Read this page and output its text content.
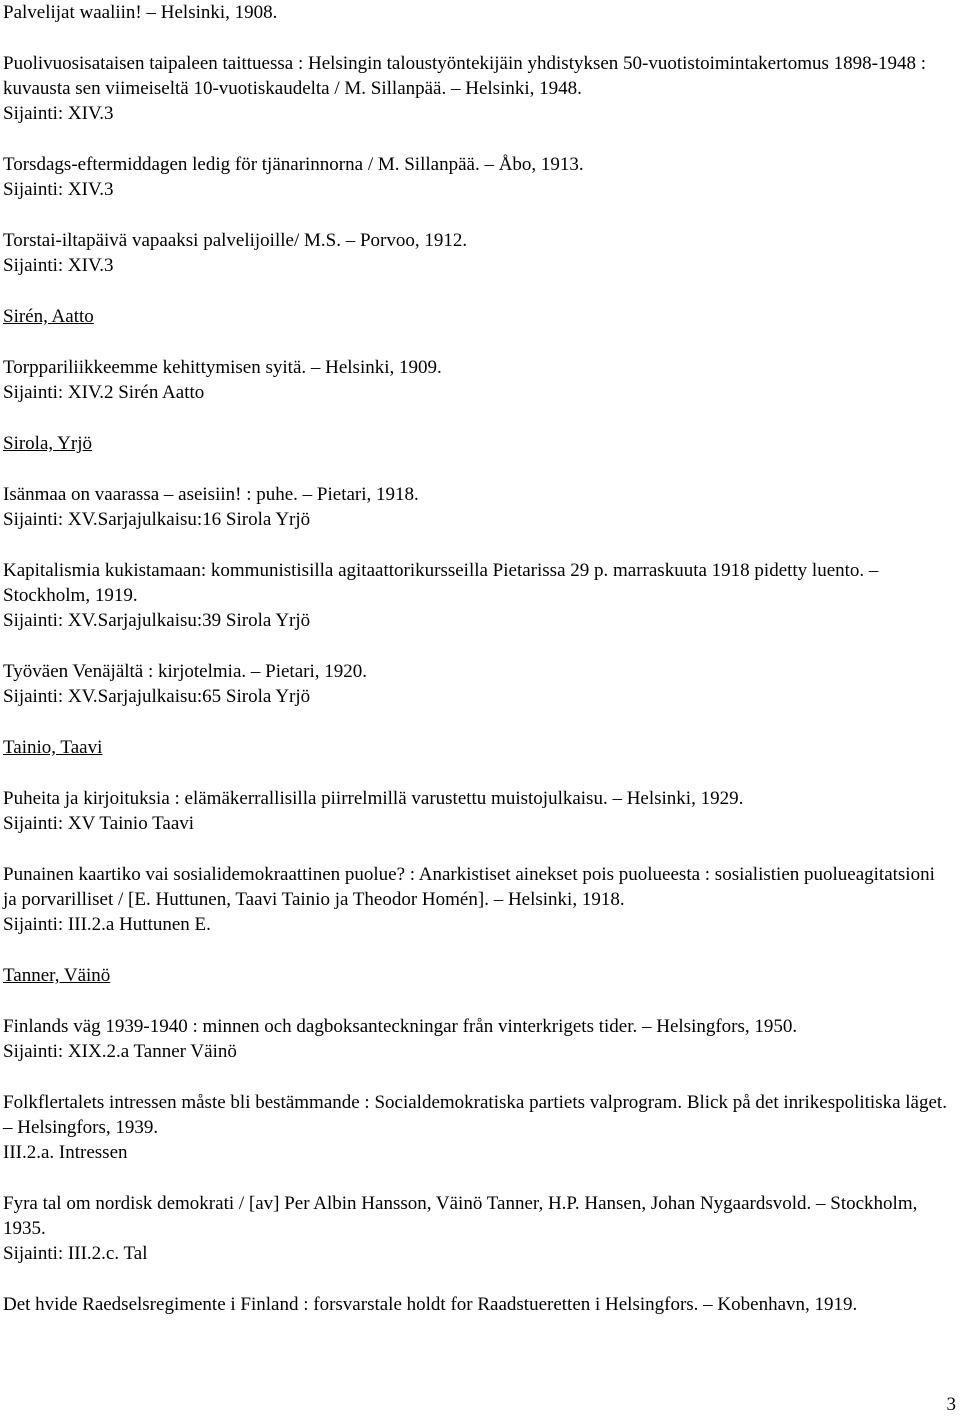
Palvelijat waaliin! – Helsinki, 1908.

Puolivuosisataisen taipaleen taittuessa : Helsingin taloustyöntekijäin yhdistyksen 50-vuotistoimintakertomus 1898-1948 : kuvausta sen viimeiseltä 10-vuotiskaudelta / M. Sillanpää. – Helsinki, 1948.

Sijainti: XIV.3

Torsdags-eftermiddagen ledig för tjänarinnorna / M. Sillanpää. – Åbo, 1913.

Sijainti: XIV.3

Torstai-iltapäivä vapaaksi palvelijoille/ M.S. – Porvoo, 1912.

Sijainti: XIV.3

Sirén, Aatto

Torppariliikkeemme kehittymisen syitä. – Helsinki, 1909.

Sijainti: XIV.2 Sirén Aatto

Sirola, Yrjö

Isänmaa on vaarassa – aseisiin! : puhe. – Pietari, 1918.

Sijainti: XV.Sarjajulkaisu:16 Sirola Yrjö

Kapitalismia kukistamaan: kommunistisilla agitaattorikursseilla Pietarissa 29 p. marraskuuta 1918 pidetty luento. – Stockholm, 1919.

Sijainti: XV.Sarjajulkaisu:39 Sirola Yrjö

Työväen Venäjältä : kirjotelmia. – Pietari, 1920.

Sijainti: XV.Sarjajulkaisu:65 Sirola Yrjö

Tainio, Taavi

Puheita ja kirjoituksia : elämäkerrallisilla piirrelmillä varustettu muistojulkaisu. – Helsinki, 1929.

Sijainti: XV Tainio Taavi

Punainen kaartiko vai sosialidemokraattinen puolue? : Anarkistiset ainekset pois puolueesta : sosialistien puolueagitatsioni ja porvarilliset / [E. Huttunen, Taavi Tainio ja Theodor Homén]. – Helsinki, 1918.

Sijainti: III.2.a Huttunen E.

Tanner, Väinö

Finlands väg 1939-1940 : minnen och dagboksanteckningar från vinterkrigets tider. – Helsingfors, 1950.

Sijainti: XIX.2.a Tanner Väinö

Folkflertalets intressen måste bli bestämmande : Socialdemokratiska partiets valprogram. Blick på det inrikespolitiska läget. – Helsingfors, 1939.

III.2.a. Intressen

Fyra tal om nordisk demokrati / [av] Per Albin Hansson, Väinö Tanner, H.P. Hansen, Johan Nygaardsvold. – Stockholm, 1935.

Sijainti: III.2.c. Tal

Det hvide Raedselsregimente i Finland : forsvarstale holdt for Raadstueretten i Helsingfors. – Kobenhavn, 1919.

3
